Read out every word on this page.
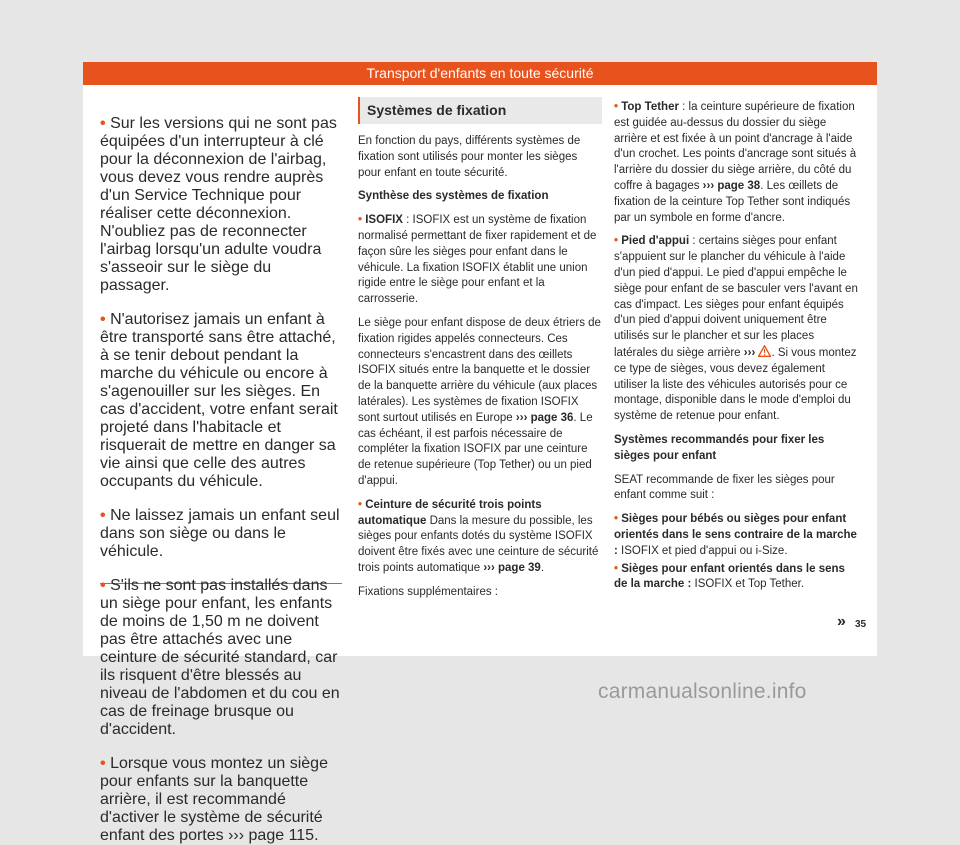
Transport d'enfants en toute sécurité

• Sur les versions qui ne sont pas équipées d'un interrupteur à clé pour la déconnexion de l'airbag, vous devez vous rendre auprès d'un Service Technique pour réaliser cette déconnexion. N'oubliez pas de reconnecter l'airbag lorsqu'un adulte voudra s'asseoir sur le siège du passager.

• N'autorisez jamais un enfant à être transporté sans être attaché, à se tenir debout pendant la marche du véhicule ou encore à s'agenouiller sur les sièges. En cas d'accident, votre enfant serait projeté dans l'habitacle et risquerait de mettre en danger sa vie ainsi que celle des autres occupants du véhicule.

• Ne laissez jamais un enfant seul dans son siège ou dans le véhicule.

• S'ils ne sont pas installés dans un siège pour enfant, les enfants de moins de 1,50 m ne doivent pas être attachés avec une ceinture de sécurité standard, car ils risquent d'être blessés au niveau de l'abdomen et du cou en cas de freinage brusque ou d'accident.

• Lorsque vous montez un siège pour enfants sur la banquette arrière, il est recommandé d'activer le système de sécurité enfant des portes ››› page 115.

Systèmes de fixation

En fonction du pays, différents systèmes de fixation sont utilisés pour monter les sièges pour enfant en toute sécurité.

Synthèse des systèmes de fixation

• ISOFIX : ISOFIX est un système de fixation normalisé permettant de fixer rapidement et de façon sûre les sièges pour enfant dans le véhicule. La fixation ISOFIX établit une union rigide entre le siège pour enfant et la carrosserie.

Le siège pour enfant dispose de deux étriers de fixation rigides appelés connecteurs. Ces connecteurs s'encastrent dans des œillets ISOFIX situés entre la banquette et le dossier de la banquette arrière du véhicule (aux places latérales). Les systèmes de fixation ISOFIX sont surtout utilisés en Europe ››› page 36. Le cas échéant, il est parfois nécessaire de compléter la fixation ISOFIX par une ceinture de retenue supérieure (Top Tether) ou un pied d'appui.

• Ceinture de sécurité trois points automatique Dans la mesure du possible, les sièges pour enfants dotés du système ISOFIX doivent être fixés avec une ceinture de sécurité trois points automatique ››› page 39.

Fixations supplémentaires :

• Top Tether : la ceinture supérieure de fixation est guidée au-dessus du dossier du siège arrière et est fixée à un point d'ancrage à l'aide d'un crochet. Les points d'ancrage sont situés à l'arrière du dossier du siège arrière, du côté du coffre à bagages ››› page 38. Les œillets de fixation de la ceinture Top Tether sont indiqués par un symbole en forme d'ancre.

• Pied d'appui : certains sièges pour enfant s'appuient sur le plancher du véhicule à l'aide d'un pied d'appui. Le pied d'appui empêche le siège pour enfant de se basculer vers l'avant en cas d'impact. Les sièges pour enfant équipés d'un pied d'appui doivent uniquement être utilisés sur le plancher et sur les places latérales du siège arrière ››› . Si vous montez ce type de sièges, vous devez également utiliser la liste des véhicules autorisés pour ce montage, disponible dans le mode d'emploi du système de retenue pour enfant.

Systèmes recommandés pour fixer les sièges pour enfant

SEAT recommande de fixer les sièges pour enfant comme suit :

• Sièges pour bébés ou sièges pour enfant orientés dans le sens contraire de la marche : ISOFIX et pied d'appui ou i-Size.

• Sièges pour enfant orientés dans le sens de la marche : ISOFIX et Top Tether.

» 35
carmanualsonline.info
